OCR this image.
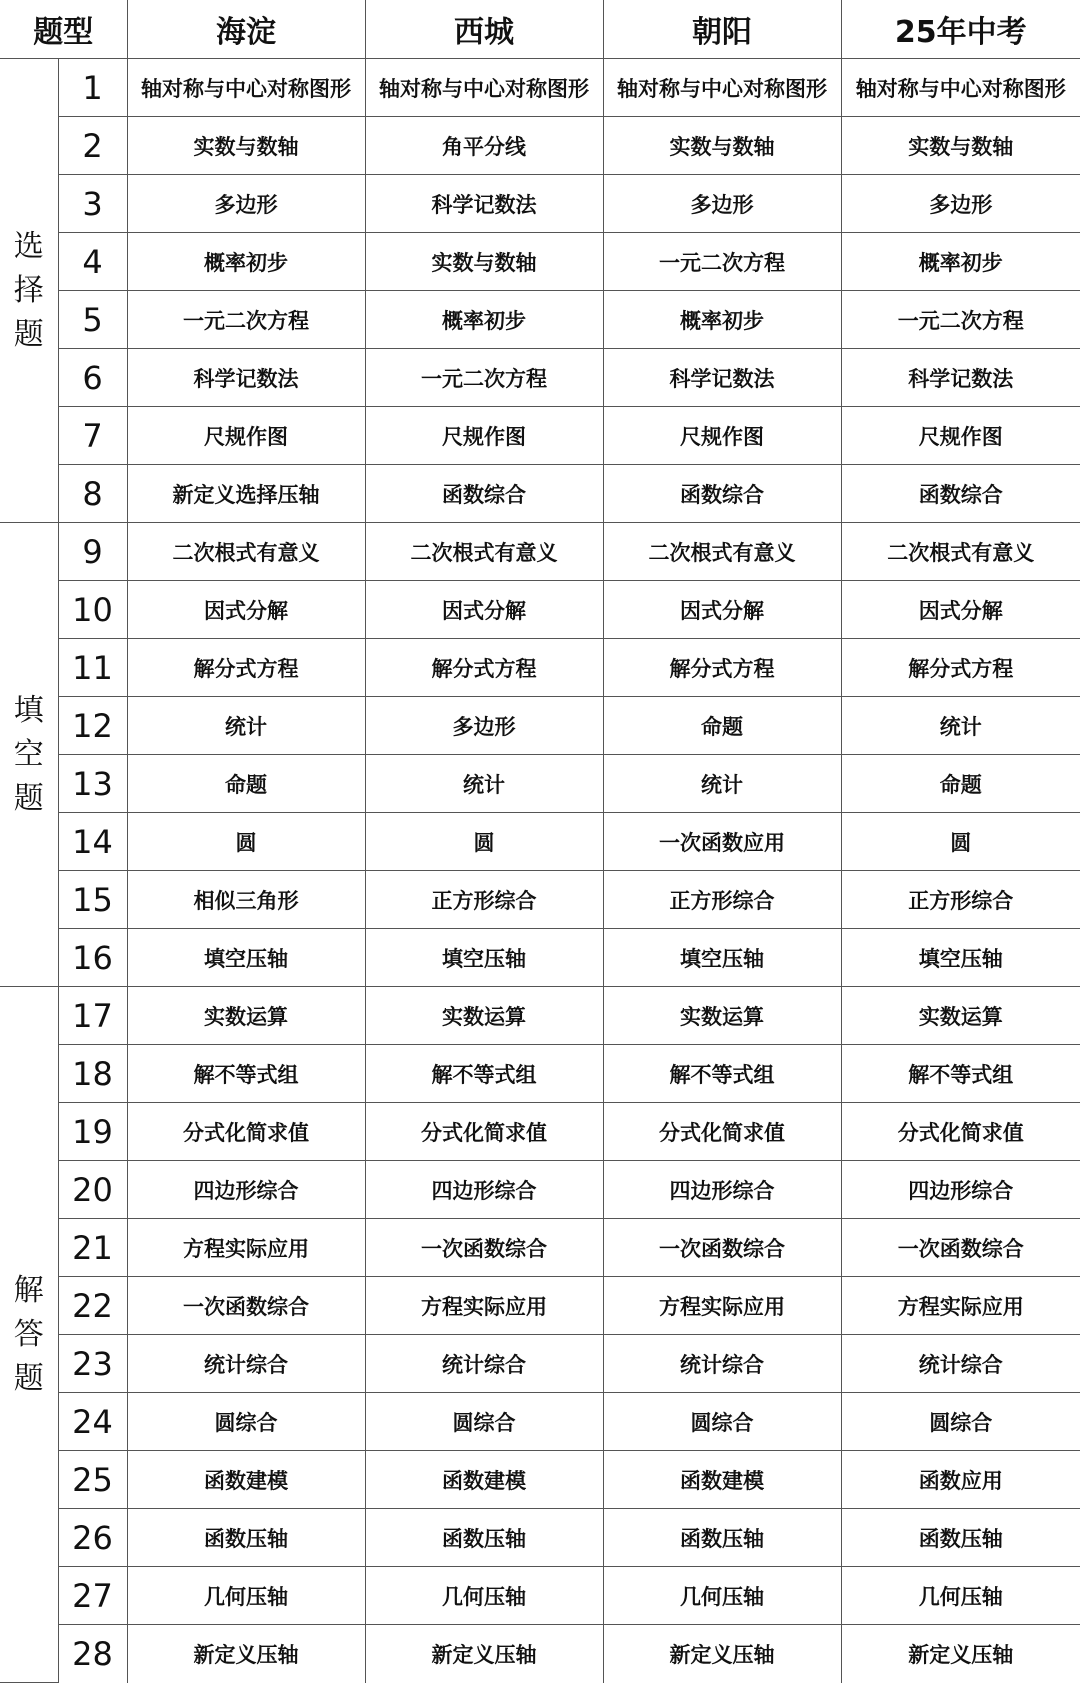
题型		海淀	西城	朝阳	25年中考

选
择
题	1	轴对称与中心对称图形	轴对称与中心对称图形	轴对称与中心对称图形	轴对称与中心对称图形
	2	实数与数轴	角平分线	实数与数轴	实数与数轴
	3	多边形	科学记数法	多边形	多边形
	4	概率初步	实数与数轴	一元二次方程	概率初步
	5	一元二次方程	概率初步	概率初步	一元二次方程
	6	科学记数法	一元二次方程	科学记数法	科学记数法
	7	尺规作图	尺规作图	尺规作图	尺规作图
	8	新定义选择压轴	函数综合	函数综合	函数综合

填
空
题	9	二次根式有意义	二次根式有意义	二次根式有意义	二次根式有意义
	10	因式分解	因式分解	因式分解	因式分解
	11	解分式方程	解分式方程	解分式方程	解分式方程
	12	统计	多边形	命题	统计
	13	命题	统计	统计	命题
	14	圆	圆	一次函数应用	圆
	15	相似三角形	正方形综合	正方形综合	正方形综合
	16	填空压轴	填空压轴	填空压轴	填空压轴

解
答
题	17	实数运算	实数运算	实数运算	实数运算
	18	解不等式组	解不等式组	解不等式组	解不等式组
	19	分式化简求值	分式化简求值	分式化简求值	分式化简求值
	20	四边形综合	四边形综合	四边形综合	四边形综合
	21	方程实际应用	一次函数综合	一次函数综合	一次函数综合
	22	一次函数综合	方程实际应用	方程实际应用	方程实际应用
	23	统计综合	统计综合	统计综合	统计综合
	24	圆综合	圆综合	圆综合	圆综合
	25	函数建模	函数建模	函数建模	函数应用
	26	函数压轴	函数压轴	函数压轴	函数压轴
	27	几何压轴	几何压轴	几何压轴	几何压轴
	28	新定义压轴	新定义压轴	新定义压轴	新定义压轴
